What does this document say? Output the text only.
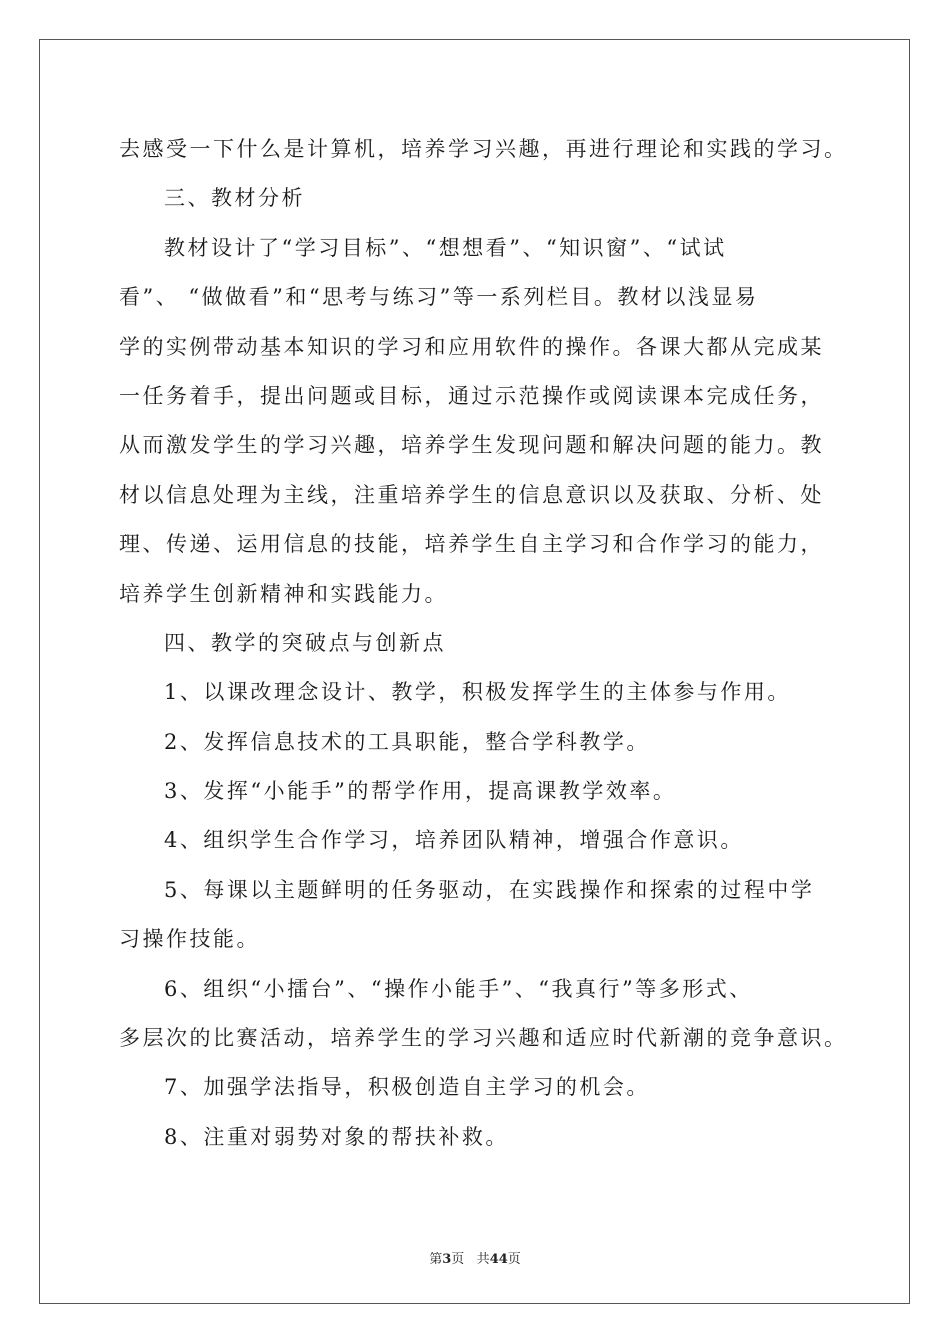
去感受一下什么是计算机，培养学习兴趣，再进行理论和实践的学习。
三、教材分析
教材设计了“学习目标”、“想想看”、“知识窗”、“试试
看”、 “做做看”和“思考与练习”等一系列栏目。教材以浅显易
学的实例带动基本知识的学习和应用软件的操作。各课大都从完成某
一任务着手，提出问题或目标，通过示范操作或阅读课本完成任务，
从而激发学生的学习兴趣，培养学生发现问题和解决问题的能力。教
材以信息处理为主线，注重培养学生的信息意识以及获取、分析、处
理、传递、运用信息的技能，培养学生自主学习和合作学习的能力，
培养学生创新精神和实践能力。
四、教学的突破点与创新点
1、以课改理念设计、教学，积极发挥学生的主体参与作用。
2、发挥信息技术的工具职能，整合学科教学。
3、发挥“小能手”的帮学作用，提高课教学效率。
4、组织学生合作学习，培养团队精神，增强合作意识。
5、每课以主题鲜明的任务驱动，在实践操作和探索的过程中学
习操作技能。
6、组织“小擂台”、“操作小能手”、“我真行”等多形式、
多层次的比赛活动，培养学生的学习兴趣和适应时代新潮的竞争意识。
7、加强学法指导，积极创造自主学习的机会。
8、注重对弱势对象的帮扶补救。
第3页 共44页
